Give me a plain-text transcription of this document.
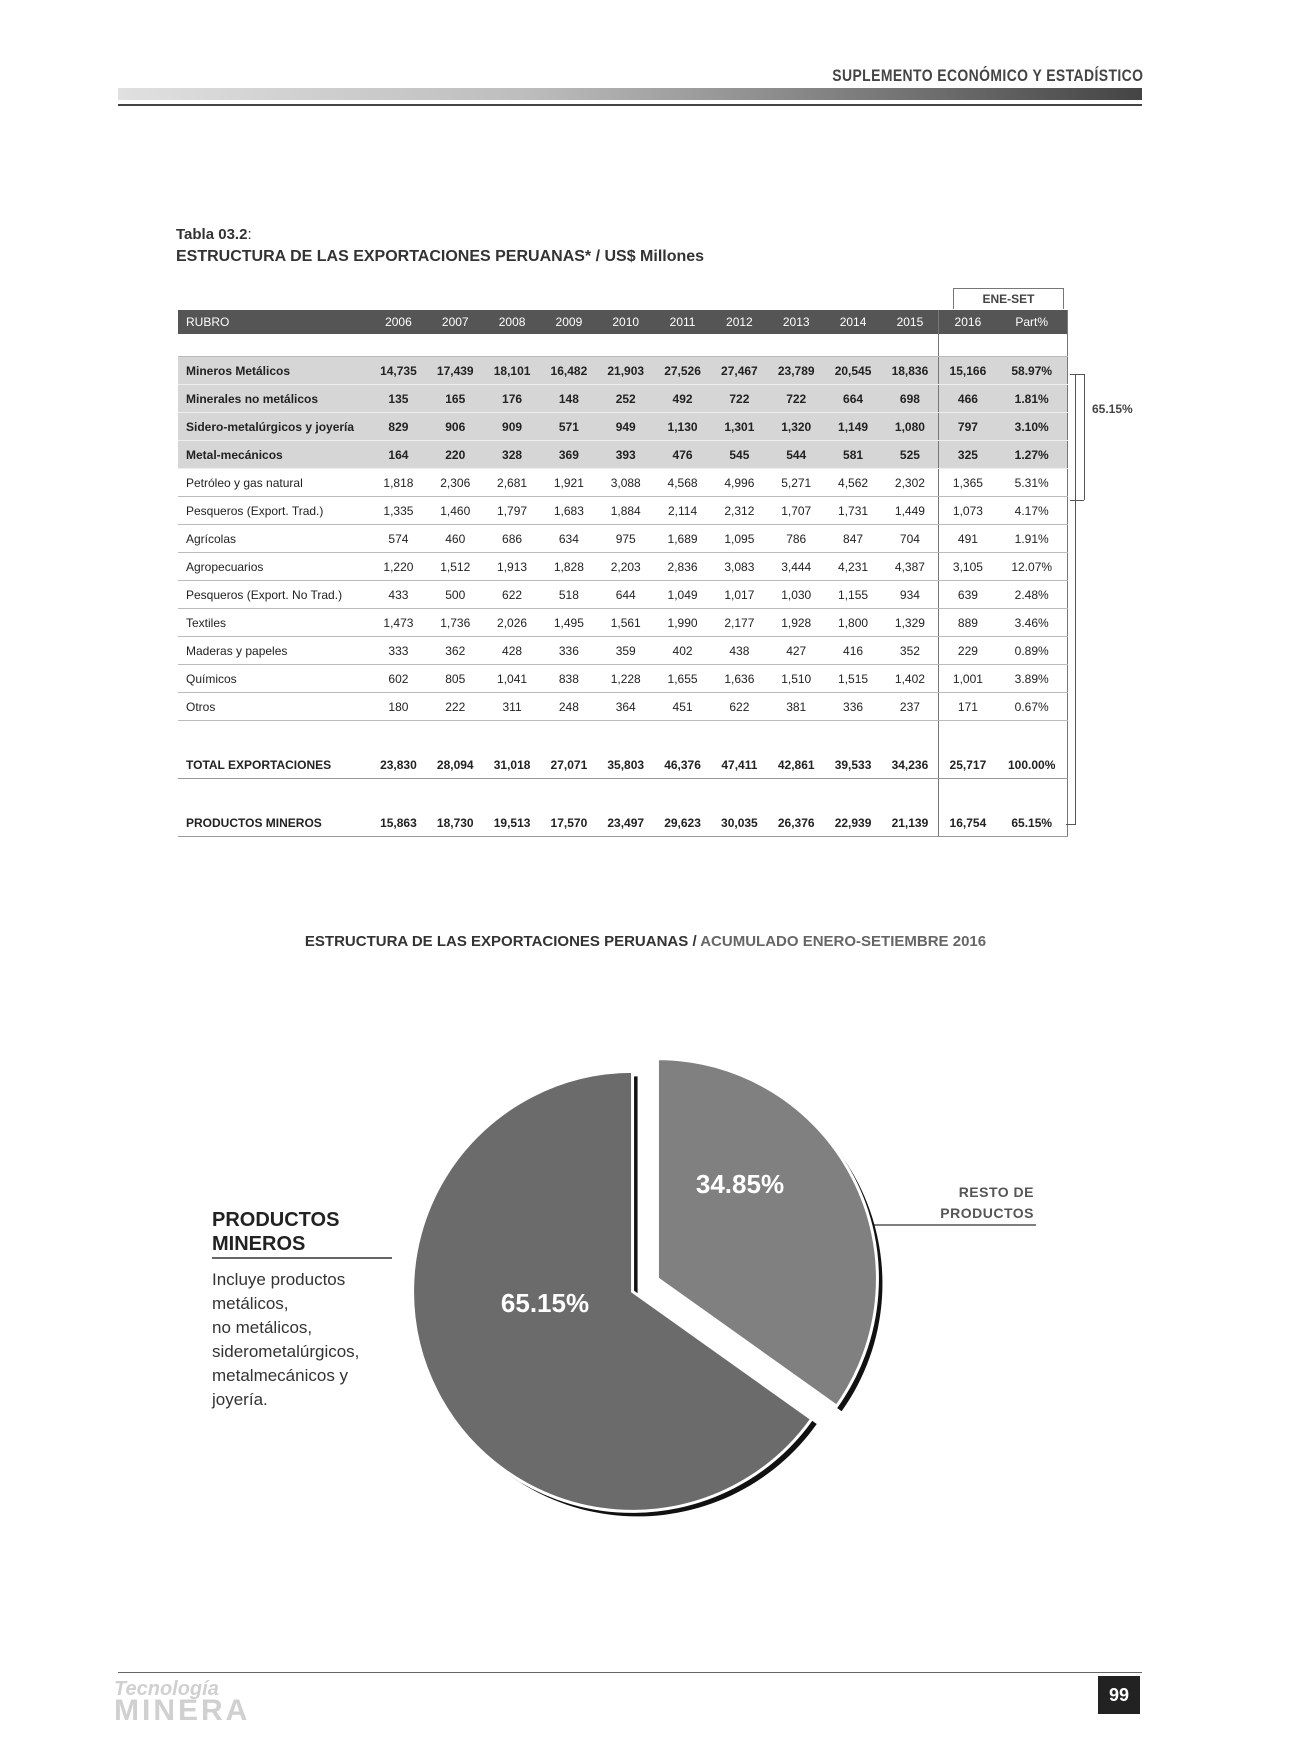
SUPLEMENTO ECONÓMICO Y ESTADÍSTICO
Tabla 03.2:
ESTRUCTURA DE LAS EXPORTACIONES PERUANAS* / US$ Millones
ENE-SET
RUBRO	2006	2007	2008	2009	2010	2011	2012	2013	2014	2015	2016	Part%

Mineros Metálicos	14,735	17,439	18,101	16,482	21,903	27,526	27,467	23,789	20,545	18,836	15,166	58.97%
Minerales no metálicos	135	165	176	148	252	492	722	722	664	698	466	1.81%
Sidero-metalúrgicos y joyería	829	906	909	571	949	1,130	1,301	1,320	1,149	1,080	797	3.10%
Metal-mecánicos	164	220	328	369	393	476	545	544	581	525	325	1.27%
Petróleo y gas natural	1,818	2,306	2,681	1,921	3,088	4,568	4,996	5,271	4,562	2,302	1,365	5.31%
Pesqueros (Export. Trad.)	1,335	1,460	1,797	1,683	1,884	2,114	2,312	1,707	1,731	1,449	1,073	4.17%
Agrícolas	574	460	686	634	975	1,689	1,095	786	847	704	491	1.91%
Agropecuarios	1,220	1,512	1,913	1,828	2,203	2,836	3,083	3,444	4,231	4,387	3,105	12.07%
Pesqueros (Export. No Trad.)	433	500	622	518	644	1,049	1,017	1,030	1,155	934	639	2.48%
Textiles	1,473	1,736	2,026	1,495	1,561	1,990	2,177	1,928	1,800	1,329	889	3.46%
Maderas y papeles	333	362	428	336	359	402	438	427	416	352	229	0.89%
Químicos	602	805	1,041	838	1,228	1,655	1,636	1,510	1,515	1,402	1,001	3.89%
Otros	180	222	311	248	364	451	622	381	336	237	171	0.67%

TOTAL EXPORTACIONES	23,830	28,094	31,018	27,071	35,803	46,376	47,411	42,861	39,533	34,236	25,717	100.00%

PRODUCTOS MINEROS	15,863	18,730	19,513	17,570	23,497	29,623	30,035	26,376	22,939	21,139	16,754	65.15%
65.15%
ESTRUCTURA DE LAS EXPORTACIONES PERUANAS / ACUMULADO ENERO-SETIEMBRE 2016
65.15%
34.85%
PRODUCTOS
MINEROS
Incluye productos
metálicos,
no metálicos,
siderometalúrgicos,
metalmecánicos y
joyería.
RESTO DE
PRODUCTOS
Tecnología
MINERA	99
